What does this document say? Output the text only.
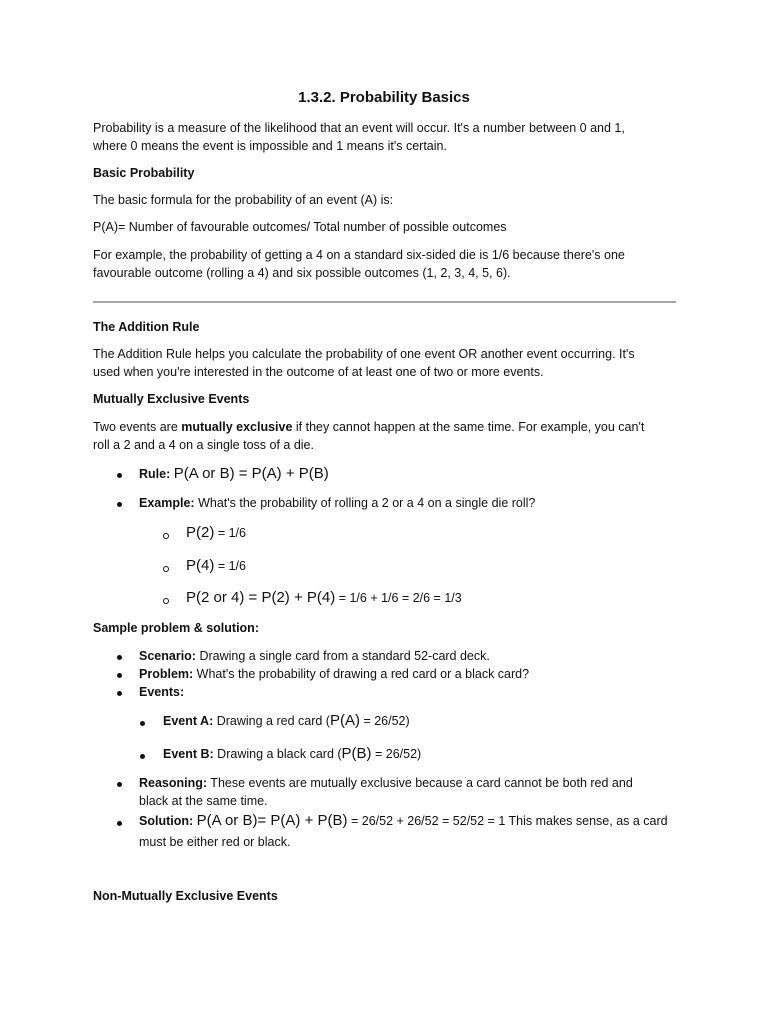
1.3.2. Probability Basics

Probability is a measure of the likelihood that an event will occur. It's a number between 0 and 1,

where 0 means the event is impossible and 1 means it's certain.

Basic Probability

The basic formula for the probability of an event (A) is:

P(A)= Number of favourable outcomes/ Total number of possible outcomes

For example, the probability of getting a 4 on a standard six-sided die is 1/6 because there's one

favourable outcome (rolling a 4) and six possible outcomes (1, 2, 3, 4, 5, 6).

The Addition Rule

The Addition Rule helps you calculate the probability of one event OR another event occurring. It's

used when you're interested in the outcome of at least one of two or more events.

Mutually Exclusive Events

Two events are mutually exclusive if they cannot happen at the same time. For example, you can't

roll a 2 and a 4 on a single toss of a die.

Rule: P(A or B) = P(A) + P(B)

Example: What's the probability of rolling a 2 or a 4 on a single die roll?

P(2) = 1/6

P(4) = 1/6

P(2 or 4) = P(2) + P(4) = 1/6 + 1/6 = 2/6 = 1/3

Sample problem & solution:

Scenario: Drawing a single card from a standard 52-card deck.

Problem: What's the probability of drawing a red card or a black card?

Events:

Event A: Drawing a red card (P(A) = 26/52)

Event B: Drawing a black card (P(B) = 26/52)

Reasoning: These events are mutually exclusive because a card cannot be both red and

black at the same time.

Solution: P(A or B)= P(A) + P(B) = 26/52 + 26/52 = 52/52 = 1 This makes sense, as a card

must be either red or black.

Non-Mutually Exclusive Events
